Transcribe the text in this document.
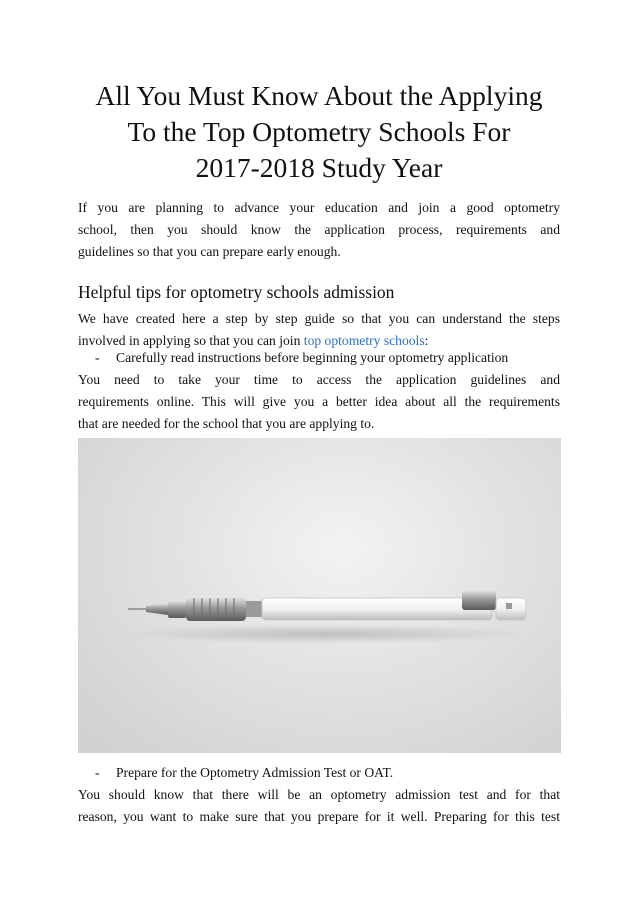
All You Must Know About the Applying
To the Top Optometry Schools For
2017-2018 Study Year

If you are planning to advance your education and join a good optometry
school, then you should know the application process, requirements and
guidelines so that you can prepare early enough.

Helpful tips for optometry schools admission

We have created here a step by step guide so that you can understand the steps
involved in applying so that you can join top optometry schools:

- Carefully read instructions before beginning your optometry application

You need to take your time to access the application guidelines and
requirements online. This will give you a better idea about all the requirements
that are needed for the school that you are applying to.

- Prepare for the Optometry Admission Test or OAT.

You should know that there will be an optometry admission test and for that
reason, you want to make sure that you prepare for it well. Preparing for this test
